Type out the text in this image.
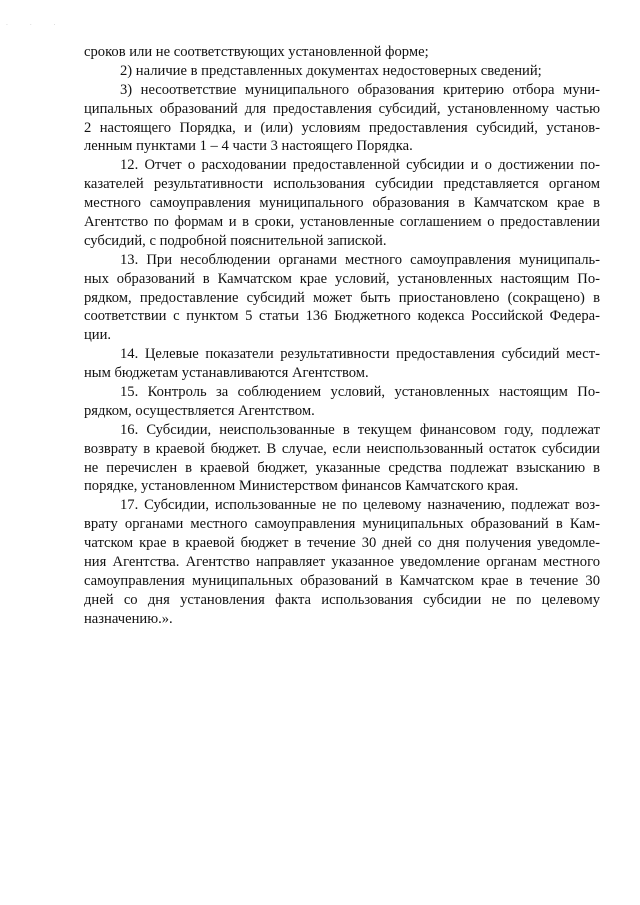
. . .
сроков или не соответствующих установленной форме;
2) наличие в представленных документах недостоверных сведений;
3) несоответствие муниципального образования критерию отбора муни-
ципальных образований для предоставления субсидий, установленному частью
2 настоящего Порядка, и (или) условиям предоставления субсидий, установ-
ленным пунктами 1 – 4 части 3 настоящего Порядка.
12. Отчет о расходовании предоставленной субсидии и о достижении по-
казателей результативности использования субсидии представляется органом
местного самоуправления муниципального образования в Камчатском крае в
Агентство по формам и в сроки, установленные соглашением о предоставлении
субсидий, с подробной пояснительной запиской.
13. При несоблюдении органами местного самоуправления муниципаль-
ных образований в Камчатском крае условий, установленных настоящим По-
рядком, предоставление субсидий может быть приостановлено (сокращено) в
соответствии с пунктом 5 статьи 136 Бюджетного кодекса Российской Федера-
ции.
14. Целевые показатели результативности предоставления субсидий мест-
ным бюджетам устанавливаются Агентством.
15. Контроль за соблюдением условий, установленных настоящим По-
рядком, осуществляется Агентством.
16. Субсидии, неиспользованные в текущем финансовом году, подлежат
возврату в краевой бюджет. В случае, если неиспользованный остаток субсидии
не перечислен в краевой бюджет, указанные средства подлежат взысканию в
порядке, установленном Министерством финансов Камчатского края.
17. Субсидии, использованные не по целевому назначению, подлежат воз-
врату органами местного самоуправления муниципальных образований в Кам-
чатском крае в краевой бюджет в течение 30 дней со дня получения уведомле-
ния Агентства. Агентство направляет указанное уведомление органам местного
самоуправления муниципальных образований в Камчатском крае в течение 30
дней со дня установления факта использования субсидии не по целевому
назначению.».
